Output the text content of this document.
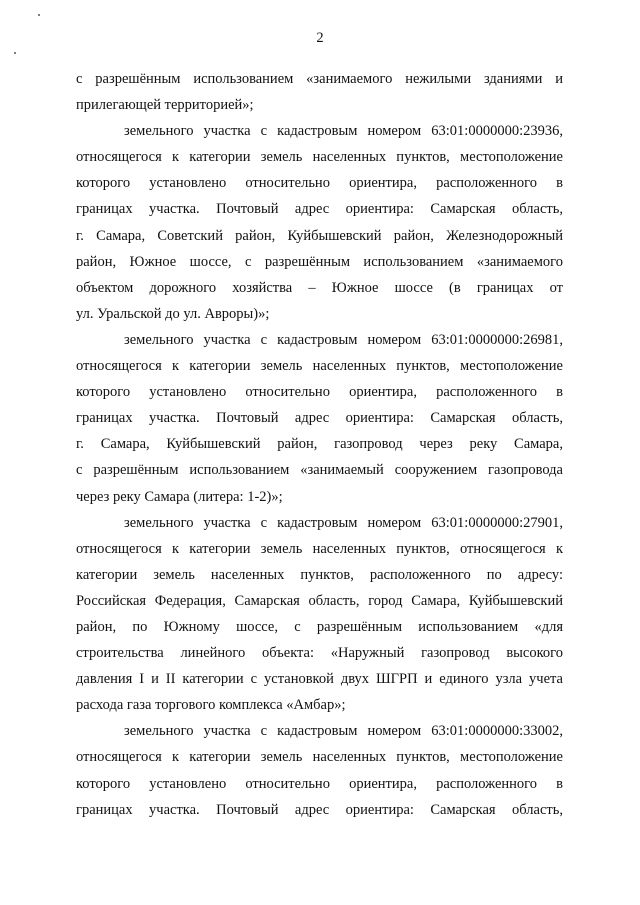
2
с разрешённым использованием «занимаемого нежилыми зданиями и
прилегающей территорией»;
земельного участка с кадастровым номером 63:01:0000000:23936,
относящегося к категории земель населенных пунктов, местоположение
которого установлено относительно ориентира, расположенного в
границах участка. Почтовый адрес ориентира: Самарская область,
г. Самара, Советский район, Куйбышевский район, Железнодорожный
район, Южное шоссе, с разрешённым использованием «занимаемого
объектом дорожного хозяйства – Южное шоссе (в границах от
ул. Уральской до ул. Авроры)»;
земельного участка с кадастровым номером 63:01:0000000:26981,
относящегося к категории земель населенных пунктов, местоположение
которого установлено относительно ориентира, расположенного в
границах участка. Почтовый адрес ориентира: Самарская область,
г. Самара, Куйбышевский район, газопровод через реку Самара,
с разрешённым использованием «занимаемый сооружением газопровода
через реку Самара (литера: 1-2)»;
земельного участка с кадастровым номером 63:01:0000000:27901,
относящегося к категории земель населенных пунктов, относящегося к
категории земель населенных пунктов, расположенного по адресу:
Российская Федерация, Самарская область, город Самара, Куйбышевский
район, по Южному шоссе, с разрешённым использованием «для
строительства линейного объекта: «Наружный газопровод высокого
давления I и II категории с установкой двух ШГРП и единого узла учета
расхода газа торгового комплекса «Амбар»;
земельного участка с кадастровым номером 63:01:0000000:33002,
относящегося к категории земель населенных пунктов, местоположение
которого установлено относительно ориентира, расположенного в
границах участка. Почтовый адрес ориентира: Самарская область,
